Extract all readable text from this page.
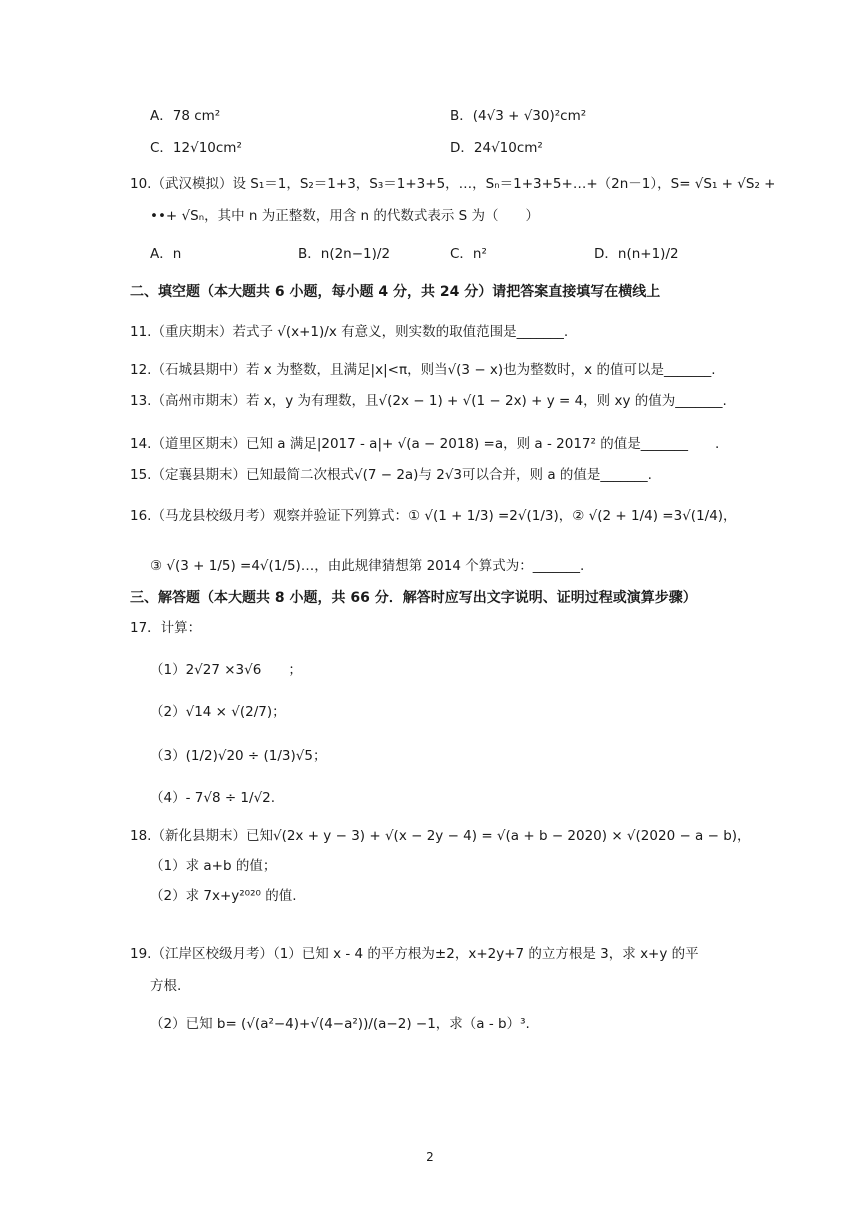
A．78 cm²	B．(4√3 + √30)²cm²
C．12√10cm²	D．24√10cm²
10.（武汉模拟）设 S₁＝1，S₂＝1+3，S₃＝1+3+5，…，Sₙ＝1+3+5+…+（2n－1），S= √S₁ + √S₂ +
••+ √Sₙ，其中 n 为正整数，用含 n 的代数式表示 S 为（　　）
A．n	B．n(2n−1)/2	C．n²	D．n(n+1)/2
二、填空题（本大题共 6 小题，每小题 4 分，共 24 分）请把答案直接填写在横线上
11.（重庆期末）若式子 √(x+1)/x 有意义，则实数的取值范围是_______.
12.（石城县期中）若 x 为整数，且满足|x|<π，则当√(3 − x)也为整数时，x 的值可以是_______.
13.（高州市期末）若 x，y 为有理数，且√(2x − 1) + √(1 − 2x) + y = 4，则 xy 的值为_______.
14.（道里区期末）已知 a 满足|2017 - a|+ √(a − 2018) =a，则 a - 2017² 的值是_______　　.
15.（定襄县期末）已知最简二次根式√(7 − 2a)与 2√3可以合并，则 a 的值是_______.
16.（马龙县校级月考）观察并验证下列算式：① √(1 + 1/3) =2√(1/3)，② √(2 + 1/4) =3√(1/4)，
③ √(3 + 1/5) =4√(1/5)…，由此规律猜想第 2014 个算式为：_______.
三、解答题（本大题共 8 小题，共 66 分．解答时应写出文字说明、证明过程或演算步骤）
17．计算：
（1）2√27 ×3√6　　；
（2）√14 × √(2/7)；
（3）(1/2)√20 ÷ (1/3)√5；
（4）- 7√8 ÷ 1/√2.
18.（新化县期末）已知√(2x + y − 3) + √(x − 2y − 4) = √(a + b − 2020) × √(2020 − a − b)，
（1）求 a+b 的值；
（2）求 7x+y²⁰²⁰ 的值.
19.（江岸区校级月考）（1）已知 x - 4 的平方根为±2，x+2y+7 的立方根是 3，求 x+y 的平
方根.
（2）已知 b= (√(a²−4)+√(4−a²))/(a−2) −1，求（a - b）³.
2
